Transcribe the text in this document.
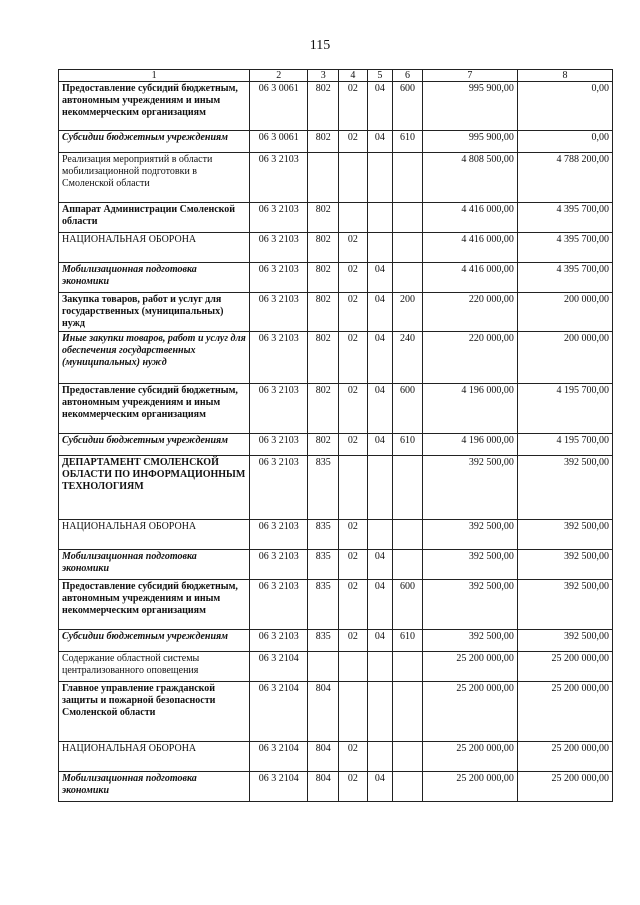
115
1	2	3	4	5	6	7	8
Предоставление субсидий бюджетным, автономным учреждениям и иным некоммерческим организациям	06 3 0061	802	02	04	600	995 900,00	0,00
Субсидии бюджетным учреждениям	06 3 0061	802	02	04	610	995 900,00	0,00
Реализация мероприятий в области мобилизационной подготовки в Смоленской области	06 3 2103					4 808 500,00	4 788 200,00
Аппарат Администрации Смоленской области	06 3 2103	802				4 416 000,00	4 395 700,00
НАЦИОНАЛЬНАЯ ОБОРОНА	06 3 2103	802	02			4 416 000,00	4 395 700,00
Мобилизационная подготовка экономики	06 3 2103	802	02	04		4 416 000,00	4 395 700,00
Закупка товаров, работ и услуг для государственных (муниципальных) нужд	06 3 2103	802	02	04	200	220 000,00	200 000,00
Иные закупки товаров, работ и услуг для обеспечения государственных (муниципальных) нужд	06 3 2103	802	02	04	240	220 000,00	200 000,00
Предоставление субсидий бюджетным, автономным учреждениям и иным некоммерческим организациям	06 3 2103	802	02	04	600	4 196 000,00	4 195 700,00
Субсидии бюджетным учреждениям	06 3 2103	802	02	04	610	4 196 000,00	4 195 700,00
ДЕПАРТАМЕНТ СМОЛЕНСКОЙ ОБЛАСТИ ПО ИНФОРМАЦИОННЫМ ТЕХНОЛОГИЯМ	06 3 2103	835				392 500,00	392 500,00
НАЦИОНАЛЬНАЯ ОБОРОНА	06 3 2103	835	02			392 500,00	392 500,00
Мобилизационная подготовка экономики	06 3 2103	835	02	04		392 500,00	392 500,00
Предоставление субсидий бюджетным, автономным учреждениям и иным некоммерческим организациям	06 3 2103	835	02	04	600	392 500,00	392 500,00
Субсидии бюджетным учреждениям	06 3 2103	835	02	04	610	392 500,00	392 500,00
Содержание областной системы централизованного оповещения	06 3 2104					25 200 000,00	25 200 000,00
Главное управление гражданской защиты и пожарной безопасности Смоленской области	06 3 2104	804				25 200 000,00	25 200 000,00
НАЦИОНАЛЬНАЯ ОБОРОНА	06 3 2104	804	02			25 200 000,00	25 200 000,00
Мобилизационная подготовка экономики	06 3 2104	804	02	04		25 200 000,00	25 200 000,00
